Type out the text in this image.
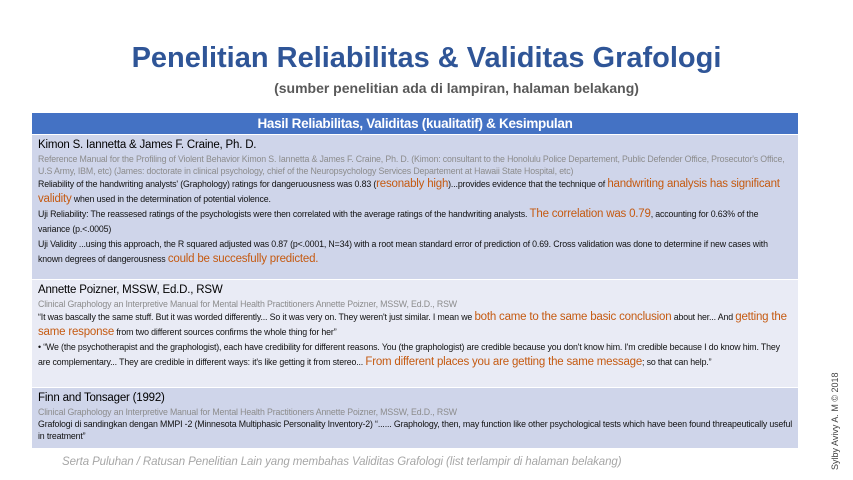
Penelitian Reliabilitas & Validitas Grafologi
(sumber penelitian ada di lampiran, halaman belakang)
Hasil Reliabilitas, Validitas (kualitatif) & Kesimpulan
Kimon S. Iannetta & James F. Craine, Ph. D.
Reference Manual for the Profiling of Violent Behavior Kimon S. Iannetta & James F. Craine, Ph. D. (Kimon: consultant to the Honolulu Police Departement, Public Defender Office, Prosecutor's Office, U.S Army, IBM, etc) (James: doctorate in clinical psychology, chief of the Neuropsychology Services Departement at Hawaii State Hospital, etc)
Reliability of the handwriting analysts' (Graphology) ratings for dangeruousness was 0.83 (resonably high)...provides evidence that the technique of handwriting analysis has significant validity when used in the determination of potential violence.
Uji Reliability: The reassesed ratings of the psychologists were then correlated with the average ratings of the handwriting analysts. The correlation was 0.79, accounting for 0.63% of the variance (p.<.0005)
Uji Validity ...using this approach, the R squared adjusted was 0.87 (p<.0001, N=34) with a root mean standard error of prediction of 0.69. Cross validation was done to determine if new cases with known degrees of dangerousness could be succesfully predicted.
Annette Poizner, MSSW, Ed.D., RSW
Clinical Graphology an Interpretive Manual for Mental Health Practitioners Annette Poizner, MSSW, Ed.D., RSW
“It was bascally the same stuff. But it was worded differently... So it was very on. They weren't just similar. I mean we both came to the same basic conclusion about her... And getting the same response from two different sources confirms the whole thing for her”
• “We (the psychotherapist and the graphologist), each have credibility for different reasons. You (the graphologist) are credible because you don't know him. I'm credible because I do know him. They are complementary... They are credible in different ways: it's like getting it from stereo... From different places you are getting the same message; so that can help.”
Finn and Tonsager (1992)
Clinical Graphology an Interpretive Manual for Mental Health Practitioners Annette Poizner, MSSW, Ed.D., RSW
Grafologi di sandingkan dengan MMPI -2 (Minnesota Multiphasic Personality Inventory-2) “...... Graphology, then, may function like other psychological tests which have been found threapeutically useful in treatment”
Serta Puluhan / Ratusan Penelitian Lain yang membahas Validitas Grafologi (list terlampir di halaman belakang)	Sylby Avivy A. M © 2018
